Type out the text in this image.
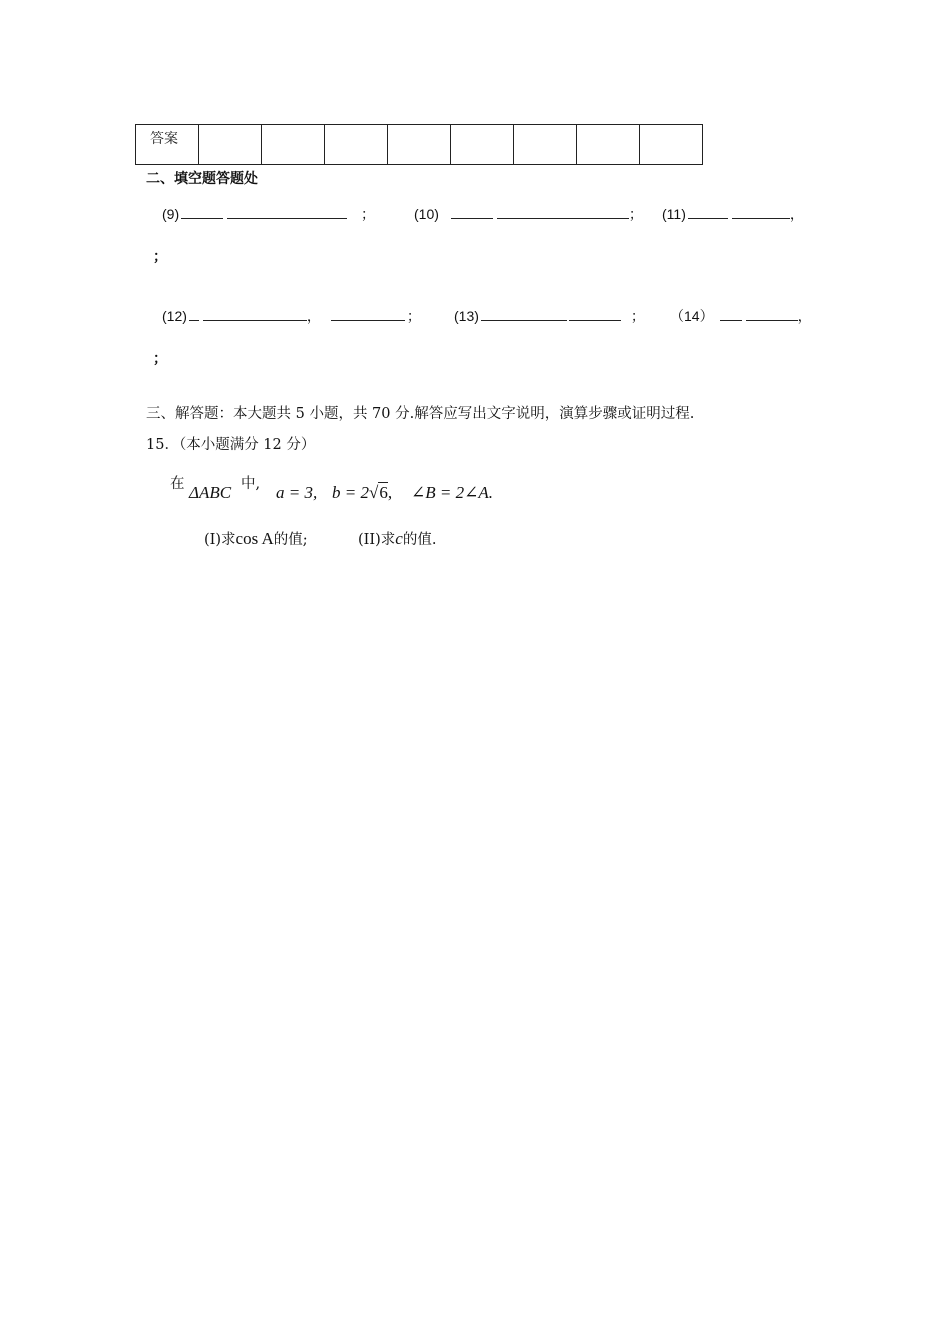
答案								
二、填空题答题处
(9)	；	(10)	； (11)	，
；
(12)	，	； (13)	； （14）	，
；
三、解答题：本大题共 5 小题，共 70 分.解答应写出文字说明，演算步骤或证明过程.
15．（本小题满分 12 分）
在 ΔABC 中, a = 3, b = 2√6, ∠B = 2∠A.
(I)求cos A的值;	(II)求c的值.
